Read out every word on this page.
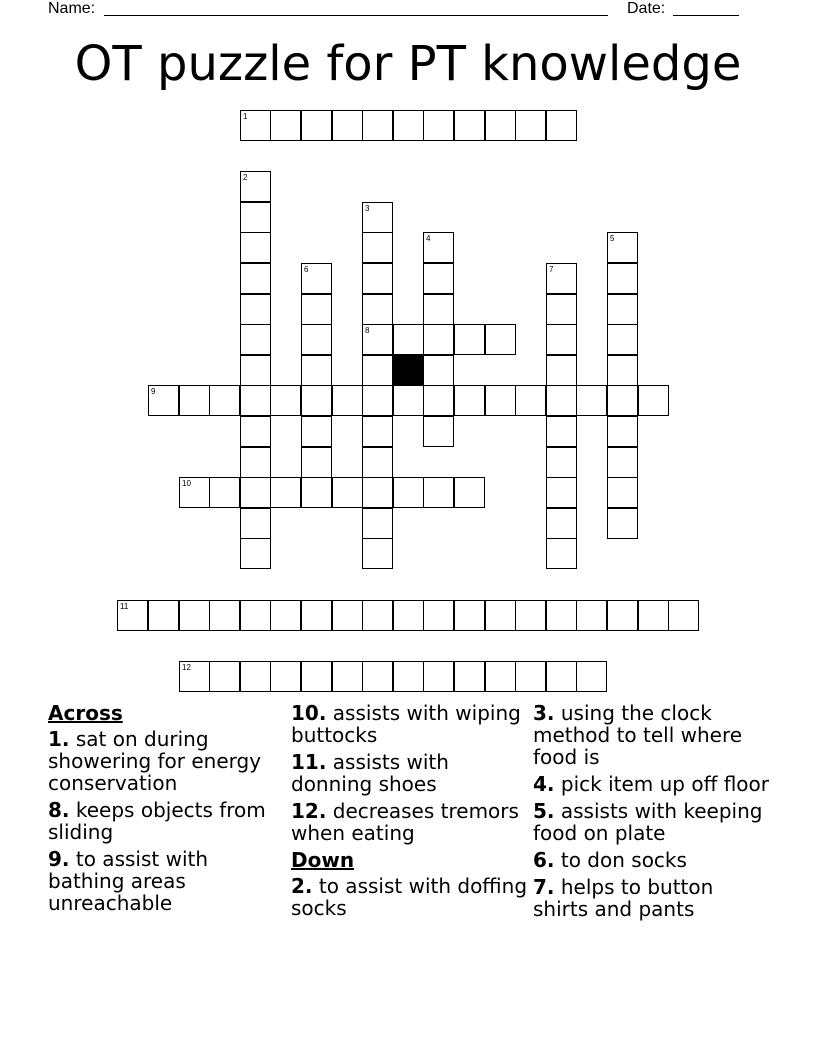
Name:	Date:
OT puzzle for PT knowledge
1
2
3
8
4	5
6	7
9
10
11
12
Across
1. sat on during showering for energy conservation
8. keeps objects from sliding
9. to assist with bathing areas unreachable
10. assists with wiping buttocks
11. assists with donning shoes
12. decreases tremors when eating
Down
2. to assist with doffing socks
3. using the clock method to tell where food is
4. pick item up off floor
5. assists with keeping food on plate
6. to don socks
7. helps to button shirts and pants
